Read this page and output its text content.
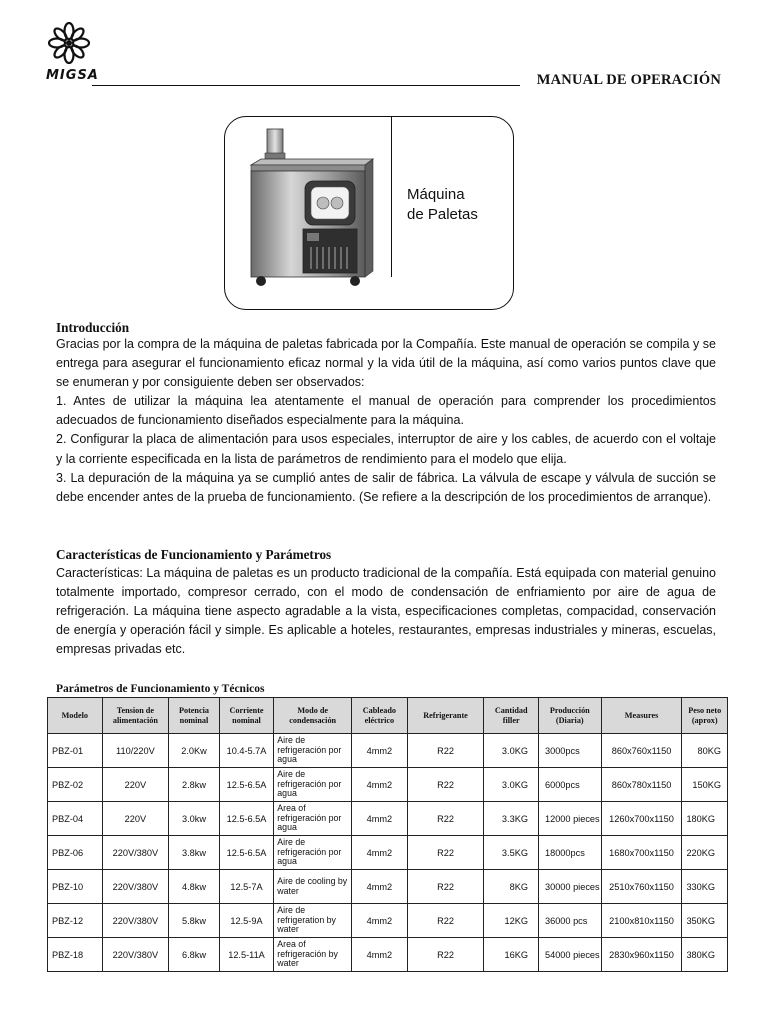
MIGSA	MANUAL DE OPERACIÓN
Máquina
de Paletas
Introducción
Gracias por la compra de la máquina de paletas fabricada por la Compañía. Este manual de operación se compila y se entrega para asegurar el funcionamiento eficaz normal y la vida útil de la máquina, así como varios puntos clave que se enumeran y por consiguiente deben ser observados:
1. Antes de utilizar la máquina lea atentamente el manual de operación para comprender los procedimientos adecuados de funcionamiento diseñados especialmente para la máquina.
2. Configurar la placa de alimentación para usos especiales, interruptor de aire y los cables, de acuerdo con el voltaje y la corriente especificada en la lista de parámetros de rendimiento para el modelo que elija.
3. La depuración de la máquina ya se cumplió antes de salir de fábrica. La válvula de escape y válvula de succión se debe encender antes de la prueba de funcionamiento. (Se refiere a la descripción de los procedimientos de arranque).
Características de Funcionamiento y Parámetros
Características: La máquina de paletas es un producto tradicional de la compañía. Está equipada con material genuino totalmente importado, compresor cerrado, con el modo de condensación de enfriamiento por aire de agua de refrigeración. La máquina tiene aspecto agradable a la vista, especificaciones completas, compacidad, conservación de energía y operación fácil y simple. Es aplicable a hoteles, restaurantes, empresas industriales y mineras, escuelas, empresas privadas etc.
Parámetros de Funcionamiento y Técnicos
Modelo	Tension de alimentación	Potencia nominal	Corriente nominal	Modo de condensación	Cableado eléctrico	Refrigerante	Cantidad filler	Producción (Diaria)	Measures	Peso neto (aprox)
PBZ-01	110/220V	2.0Kw	10.4-5.7A	Aire de refrigeración por agua	4mm2	R22	3.0KG	3000pcs	860x760x1150	80KG
PBZ-02	220V	2.8kw	12.5-6.5A	Aire de refrigeración por agua	4mm2	R22	3.0KG	6000pcs	860x780x1150	150KG
PBZ-04	220V	3.0kw	12.5-6.5A	Area of refrigeración por agua	4mm2	R22	3.3KG	12000 pieces	1260x700x1150	180KG
PBZ-06	220V/380V	3.8kw	12.5-6.5A	Aire de refrigeración por agua	4mm2	R22	3.5KG	18000pcs	1680x700x1150	220KG
PBZ-10	220V/380V	4.8kw	12.5-7A	Aire de cooling by water	4mm2	R22	8KG	30000 pieces	2510x760x1150	330KG
PBZ-12	220V/380V	5.8kw	12.5-9A	Aire de refrigeration by water	4mm2	R22	12KG	36000 pcs	2100x810x1150	350KG
PBZ-18	220V/380V	6.8kw	12.5-11A	Area of refrigeración by water	4mm2	R22	16KG	54000 pieces	2830x960x1150	380KG
